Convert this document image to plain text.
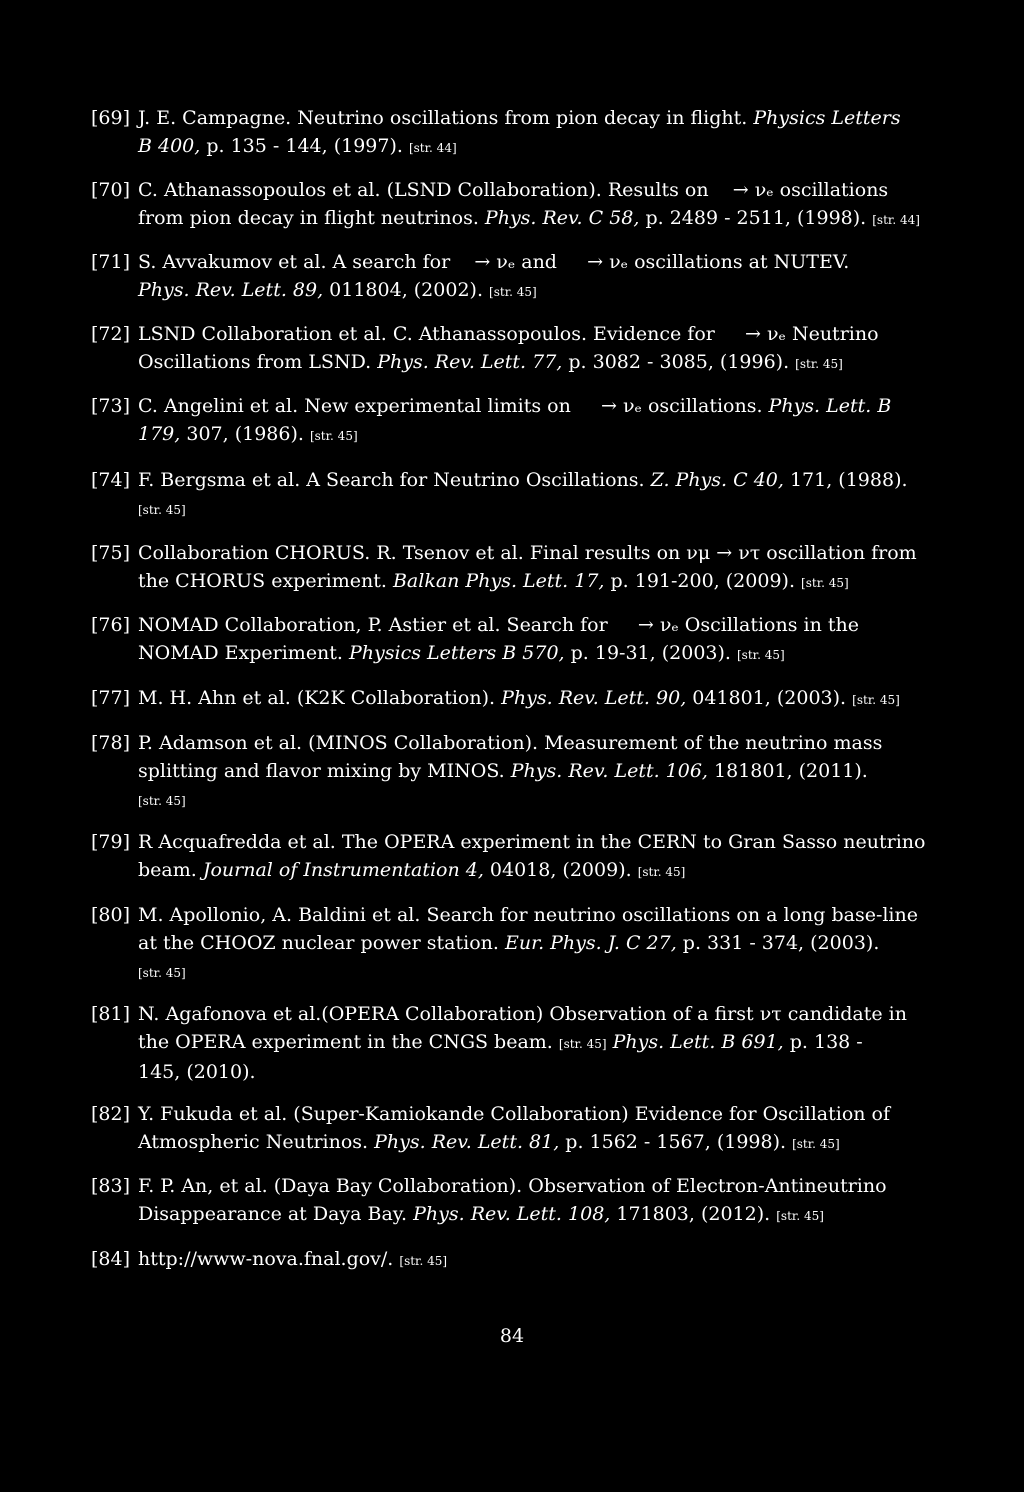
[69] J. E. Campagne. Neutrino oscillations from pion decay in flight. Physics Letters
B 400, p. 135 - 144, (1997). [str. 44]
[70] C. Athanassopoulos et al. (LSND Collaboration). Results on    → νₑ oscillations
from pion decay in flight neutrinos. Phys. Rev. C 58, p. 2489 - 2511, (1998). [str. 44]
[71] S. Avvakumov et al. A search for    → νₑ and     → νₑ oscillations at NUTEV.
Phys. Rev. Lett. 89, 011804, (2002). [str. 45]
[72] LSND Collaboration et al. C. Athanassopoulos. Evidence for     → νₑ Neutrino
Oscillations from LSND. Phys. Rev. Lett. 77, p. 3082 - 3085, (1996). [str. 45]
[73] C. Angelini et al. New experimental limits on     → νₑ oscillations. Phys. Lett. B
179, 307, (1986). [str. 45]
[74] F. Bergsma et al. A Search for Neutrino Oscillations. Z. Phys. C 40, 171, (1988).
[str. 45]
[75] Collaboration CHORUS. R. Tsenov et al. Final results on νμ → ντ oscillation from
the CHORUS experiment. Balkan Phys. Lett. 17, p. 191-200, (2009). [str. 45]
[76] NOMAD Collaboration, P. Astier et al. Search for     → νₑ Oscillations in the
NOMAD Experiment. Physics Letters B 570, p. 19-31, (2003). [str. 45]
[77] M. H. Ahn et al. (K2K Collaboration). Phys. Rev. Lett. 90, 041801, (2003). [str. 45]
[78] P. Adamson et al. (MINOS Collaboration). Measurement of the neutrino mass
splitting and flavor mixing by MINOS. Phys. Rev. Lett. 106, 181801, (2011).
[str. 45]
[79] R Acquafredda et al. The OPERA experiment in the CERN to Gran Sasso neutrino
beam. Journal of Instrumentation 4, 04018, (2009). [str. 45]
[80] M. Apollonio, A. Baldini et al. Search for neutrino oscillations on a long base-line
at the CHOOZ nuclear power station. Eur. Phys. J. C 27, p. 331 - 374, (2003).
[str. 45]
[81] N. Agafonova et al.(OPERA Collaboration) Observation of a first ντ candidate in
the OPERA experiment in the CNGS beam. [str. 45] Phys. Lett. B 691, p. 138 -
145, (2010).
[82] Y. Fukuda et al. (Super-Kamiokande Collaboration) Evidence for Oscillation of
Atmospheric Neutrinos. Phys. Rev. Lett. 81, p. 1562 - 1567, (1998). [str. 45]
[83] F. P. An, et al. (Daya Bay Collaboration). Observation of Electron-Antineutrino
Disappearance at Daya Bay. Phys. Rev. Lett. 108, 171803, (2012). [str. 45]
[84] http://www-nova.fnal.gov/. [str. 45]
84
